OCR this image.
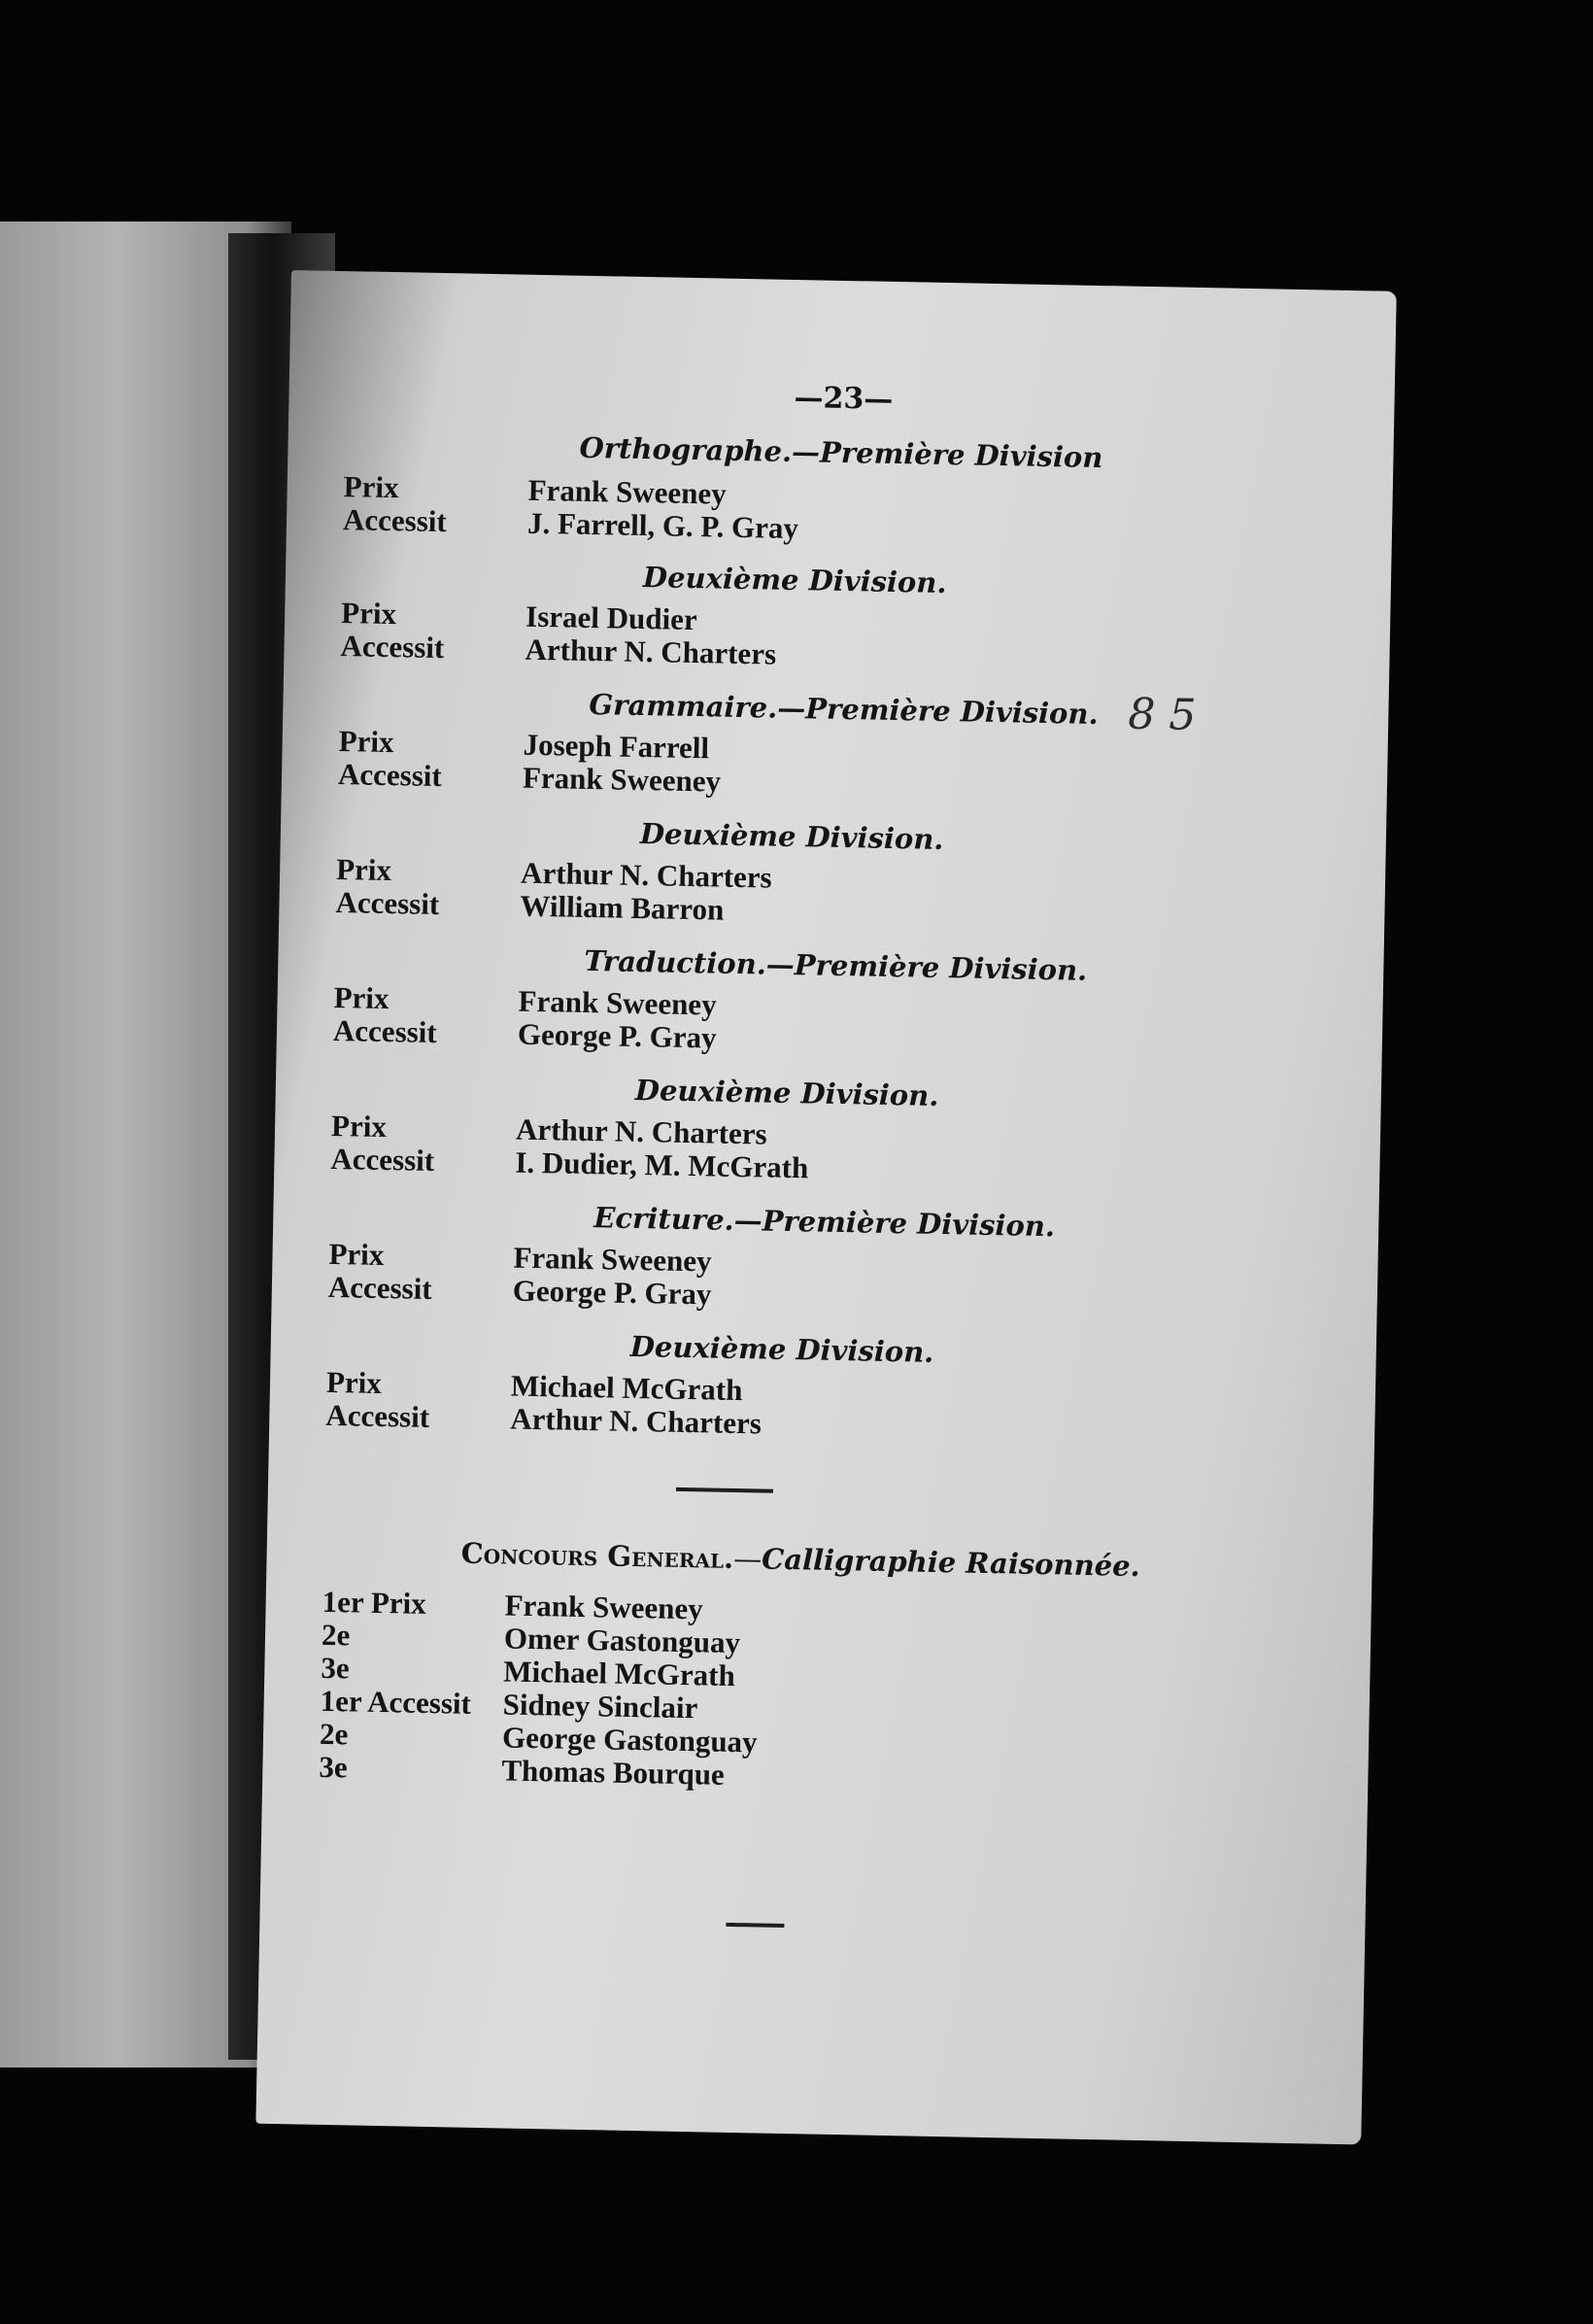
—23—
8 5
Orthographe.—Première Division
Prix	Frank Sweeney
Accessit	J. Farrell, G. P. Gray
Deuxième Division.
Prix	Israel Dudier
Accessit	Arthur N. Charters
Grammaire.—Première Division.
Prix	Joseph Farrell
Accessit	Frank Sweeney
Deuxième Division.
Prix	Arthur N. Charters
Accessit	William Barron
Traduction.—Première Division.
Prix	Frank Sweeney
Accessit	George P. Gray
Deuxième Division.
Prix	Arthur N. Charters
Accessit	I. Dudier, M. McGrath
Ecriture.—Première Division.
Prix	Frank Sweeney
Accessit	George P. Gray
Deuxième Division.
Prix	Michael McGrath
Accessit	Arthur N. Charters
Concours General.—Calligraphie Raisonnée.
1er Prix	Frank Sweeney
2e	Omer Gastonguay
3e	Michael McGrath
1er Accessit Sidney Sinclair
2e	George Gastonguay
3e	Thomas Bourque
